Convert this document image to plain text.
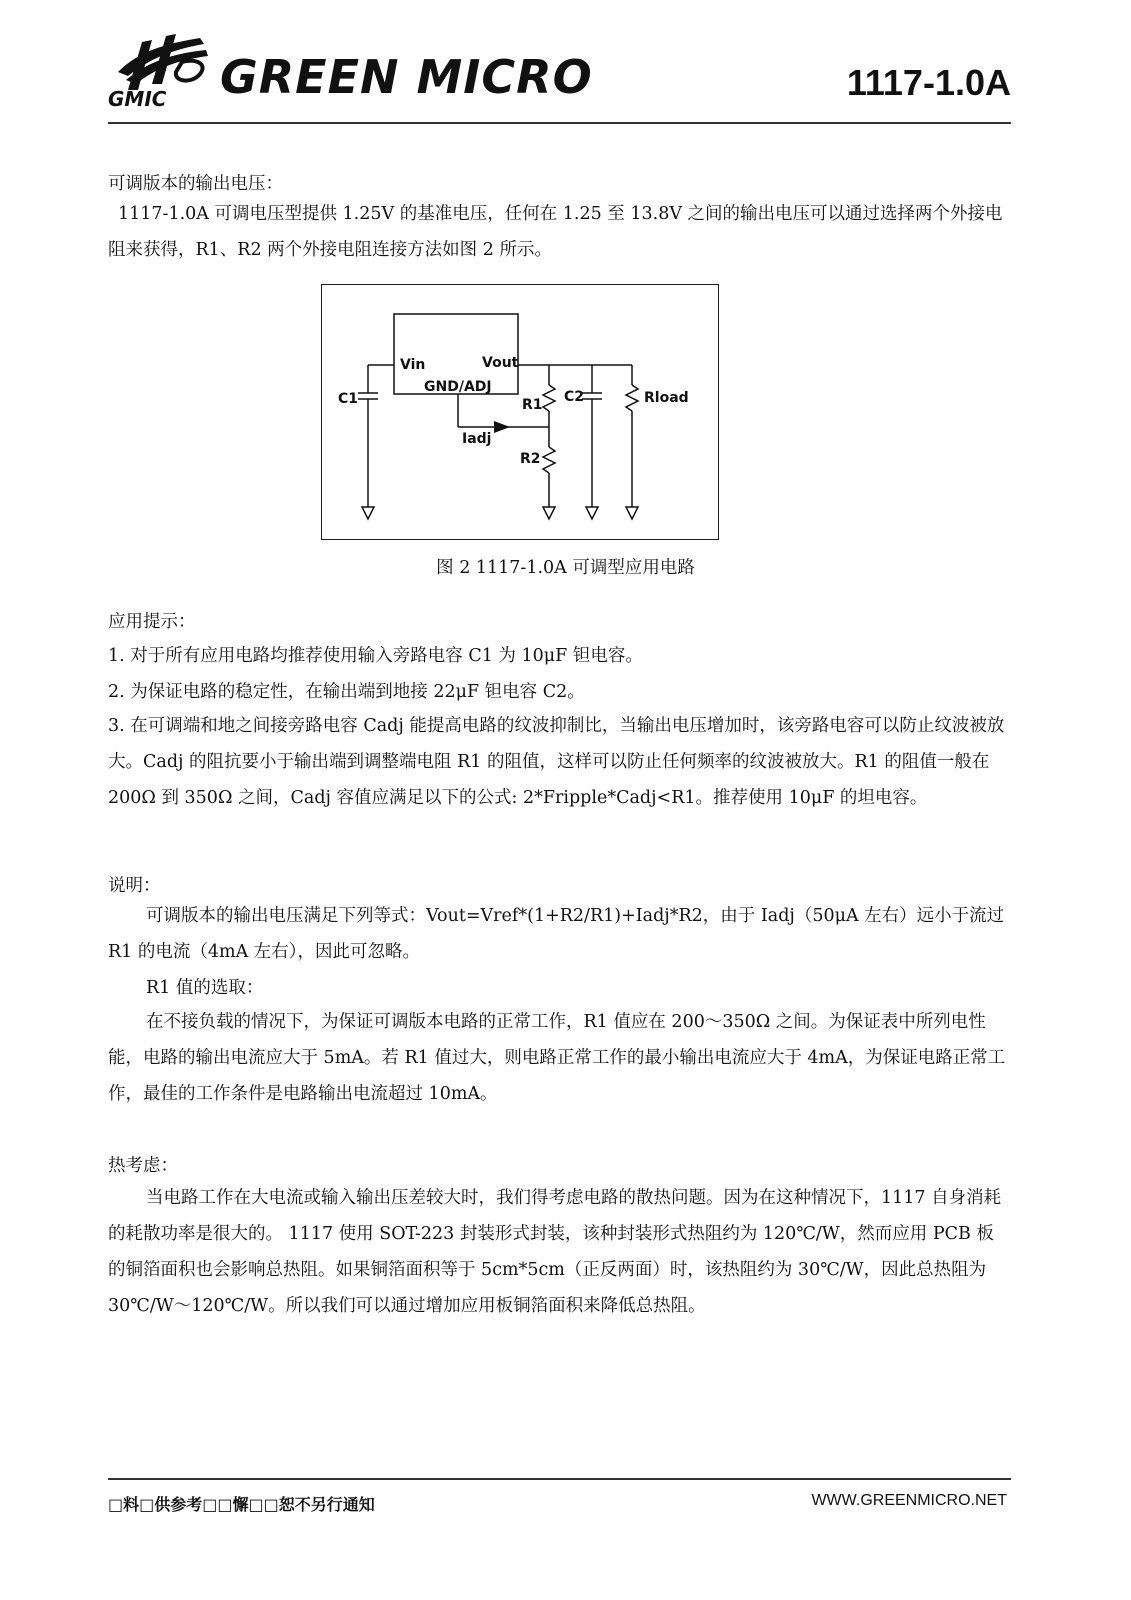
GMIC GREEN MICRO	1117-1.0A
可调版本的输出电压：
1117-1.0A 可调电压型提供 1.25V 的基准电压，任何在 1.25 至 13.8V 之间的输出电压可以通过选择两个外接电阻来获得，R1、R2 两个外接电阻连接方法如图 2 所示。
Vin	Vout
GND/ADJ
C1	R1 C2	Rload
Iadj
R2
图 2 1117-1.0A 可调型应用电路
应用提示：
1. 对于所有应用电路均推荐使用输入旁路电容 C1 为 10μF 钽电容。
2. 为保证电路的稳定性，在输出端到地接 22μF 钽电容 C2。
3. 在可调端和地之间接旁路电容 Cadj 能提高电路的纹波抑制比，当输出电压增加时，该旁路电容可以防止纹波被放大。Cadj 的阻抗要小于输出端到调整端电阻 R1 的阻值，这样可以防止任何频率的纹波被放大。R1 的阻值一般在 200Ω 到 350Ω 之间，Cadj 容值应满足以下的公式: 2*Fripple*Cadj<R1。推荐使用 10μF 的坦电容。
说明：
可调版本的输出电压满足下列等式：Vout=Vref*(1+R2/R1)+Iadj*R2，由于 Iadj（50μA 左右）远小于流过 R1 的电流（4mA 左右），因此可忽略。
R1 值的选取：
在不接负载的情况下，为保证可调版本电路的正常工作，R1 值应在 200～350Ω 之间。为保证表中所列电性能，电路的输出电流应大于 5mA。若 R1 值过大，则电路正常工作的最小输出电流应大于 4mA，为保证电路正常工作，最佳的工作条件是电路输出电流超过 10mA。
热考虑：
当电路工作在大电流或输入输出压差较大时，我们得考虑电路的散热问题。因为在这种情况下，1117 自身消耗的耗散功率是很大的。 1117 使用 SOT-223 封装形式封装，该种封装形式热阻约为 120℃/W，然而应用 PCB 板的铜箔面积也会影响总热阻。如果铜箔面积等于 5cm*5cm（正反两面）时，该热阻约为 30℃/W，因此总热阻为 30℃/W～120℃/W。所以我们可以通过增加应用板铜箔面积来降低总热阻。
□料□供参考□□懈□□恕不另行通知	WWW.GREENMICRO.NET
